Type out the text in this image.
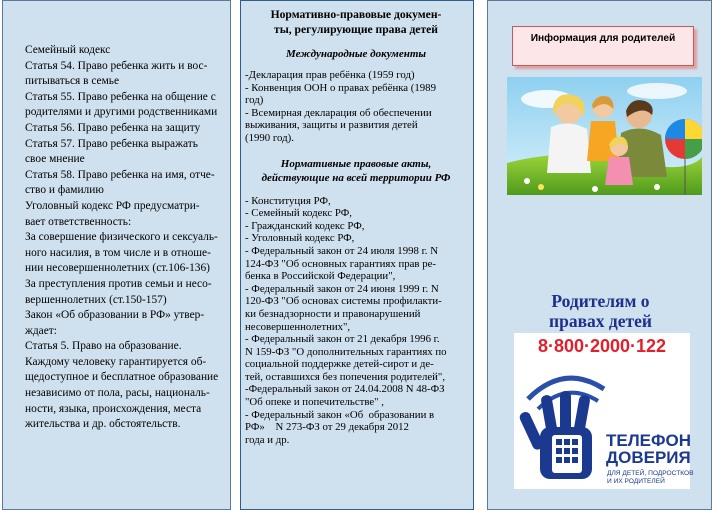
Семейный кодекс
Статья 54. Право ребенка жить и вос-
питываться в семье
Статья 55. Право ребенка на общение с
родителями и другими родственниками
Статья 56. Право ребенка на защиту
Статья 57. Право ребенка выражать
свое мнение
Статья 58. Право ребенка на имя, отче-
ство и фамилию
Уголовный кодекс РФ предусматри-
вает ответственность:
За совершение физического и сексуаль-
ного насилия, в том числе и в отноше-
нии несовершеннолетних (ст.106-136)
За преступления против семьи и несо-
вершеннолетних (ст.150-157)
Закон «Об образовании в РФ» утвер-
ждает:
Статья 5. Право на образование.
Каждому человеку гарантируется об-
щедоступное и бесплатное образование
независимо от пола, расы, националь-
ности, языка, происхождения, места
жительства и др. обстоятельств.
Нормативно-правовые докумен-
ты, регулирующие права детей
Международные документы
-Декларация прав ребёнка (1959 год)
- Конвенция ООН о правах ребёнка (1989
год)
- Всемирная декларация об обеспечении
выживания, защиты и развития детей
(1990 год).
Нормативные правовые акты,
действующие на всей территории РФ
- Конституция РФ,
- Семейный кодекс РФ,
- Гражданский кодекс РФ,
- Уголовный кодекс РФ,
- Федеральный закон от 24 июля 1998 г. N
124-ФЗ "Об основных гарантиях прав ре-
бенка в Российской Федерации",
- Федеральный закон от 24 июня 1999 г. N
120-ФЗ "Об основах системы профилакти-
ки безнадзорности и правонарушений
несовершеннолетних",
- Федеральный закон от 21 декабря 1996 г.
N 159-ФЗ "О дополнительных гарантиях по
социальной поддержке детей-сирот и де-
тей, оставшихся без попечения родителей",
-Федеральный закон от 24.04.2008 N 48-ФЗ
"Об опеке и попечительстве" ,
- Федеральный закон «Об  образовании в
РФ»    N 273-ФЗ от 29 декабря 2012
года и др.
Информация для родителей

Родителям о
правах детей

8·800·2000·122
ТЕЛЕФОН
ДОВЕРИЯ
ДЛЯ ДЕТЕЙ, ПОДРОСТКОВ
И ИХ РОДИТЕЛЕЙ
